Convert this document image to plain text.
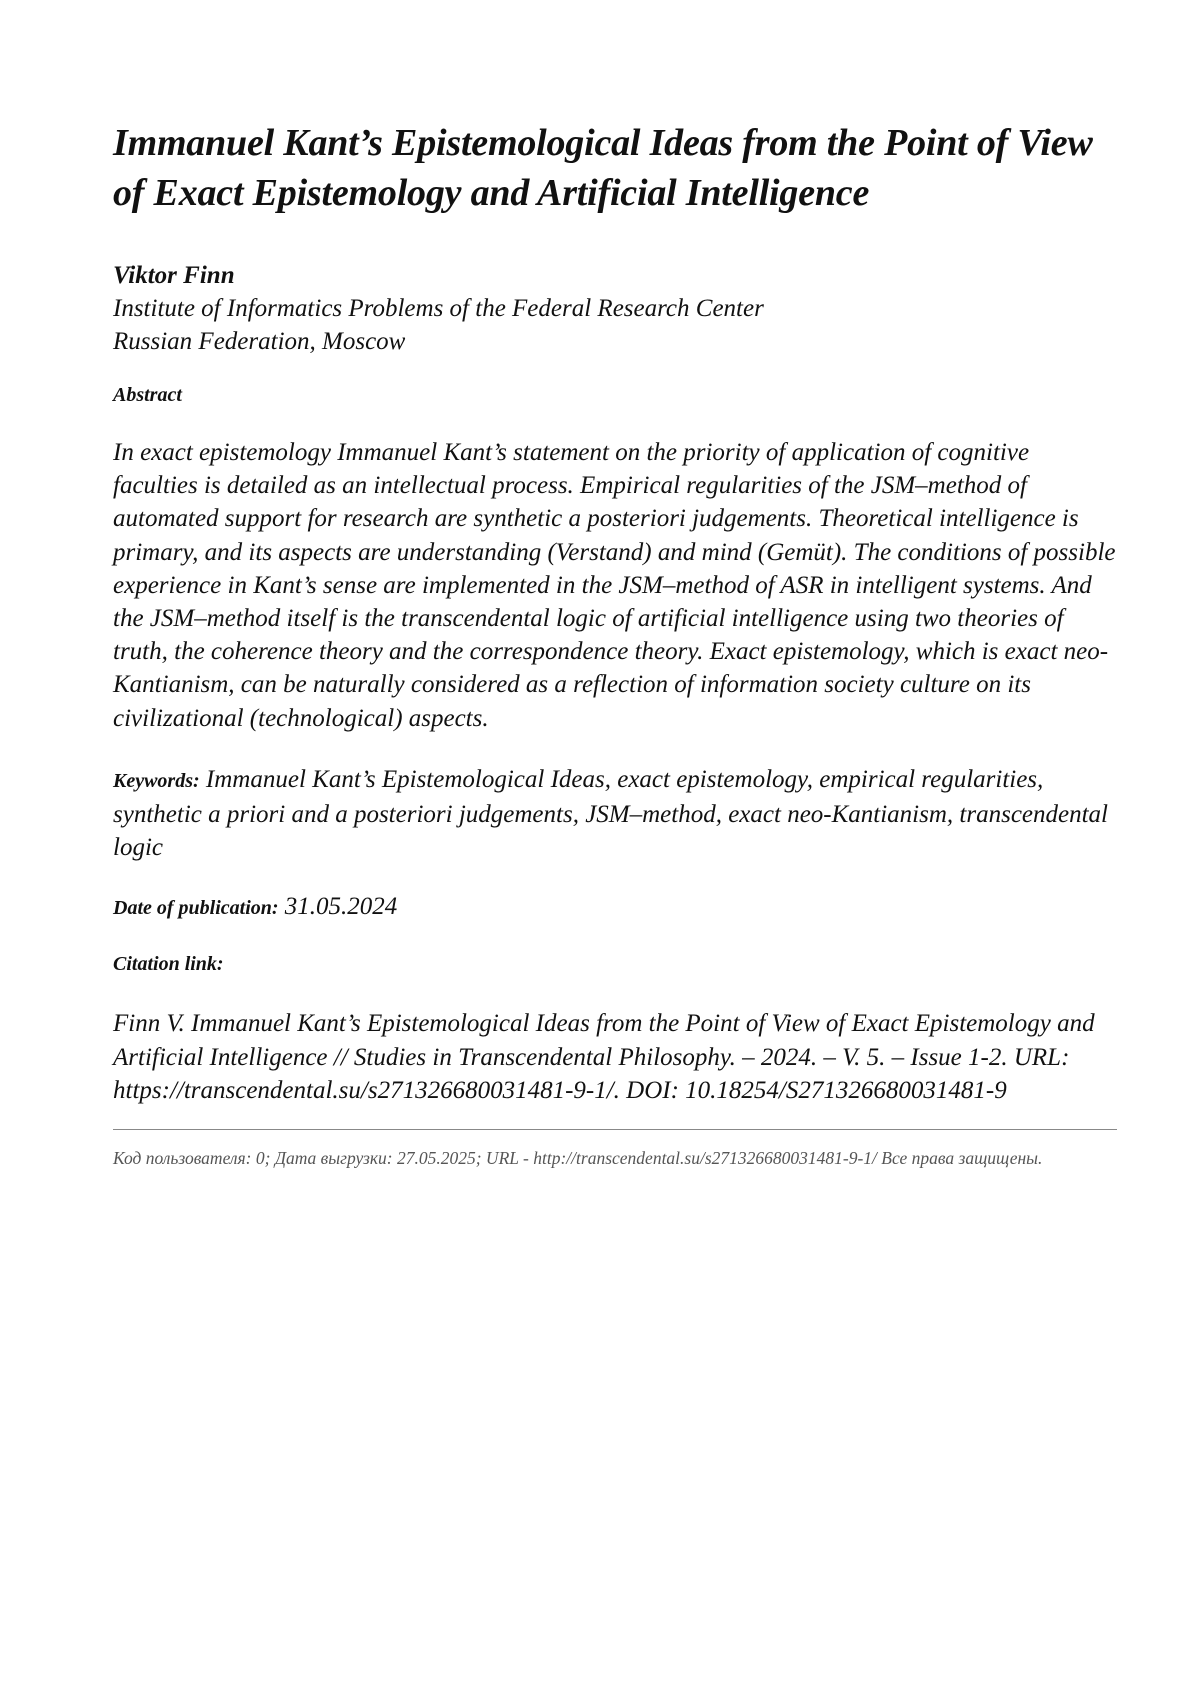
Immanuel Kant’s Epistemological Ideas from the Point of View of Exact Epistemology and Artificial Intelligence
Viktor Finn
Institute of Informatics Problems of the Federal Research Center
Russian Federation, Moscow
Abstract
In exact epistemology Immanuel Kant’s statement on the priority of application of cognitive faculties is detailed as an intellectual process. Empirical regularities of the JSM–method of automated support for research are synthetic a posteriori judgements. Theoretical intelligence is primary, and its aspects are understanding (Verstand) and mind (Gemüt). The conditions of possible experience in Kant’s sense are implemented in the JSM–method of ASR in intelligent systems. And the JSM–method itself is the transcendental logic of artificial intelligence using two theories of truth, the coherence theory and the correspondence theory. Exact epistemology, which is exact neo-Kantianism, can be naturally considered as a reflection of information society culture on its civilizational (technological) aspects.
Keywords: Immanuel Kant’s Epistemological Ideas, exact epistemology, empirical regularities, synthetic a priori and a posteriori judgements, JSM–method, exact neo-Kantianism, transcendental logic
Date of publication: 31.05.2024
Citation link:
Finn V. Immanuel Kant’s Epistemological Ideas from the Point of View of Exact Epistemology and Artificial Intelligence // Studies in Transcendental Philosophy. – 2024. – V. 5. – Issue 1-2. URL: https://transcendental.su/s271326680031481-9-1/. DOI: 10.18254/S271326680031481-9
Код пользователя: 0; Дата выгрузки: 27.05.2025; URL - http://transcendental.su/s271326680031481-9-1/ Все права защищены.
